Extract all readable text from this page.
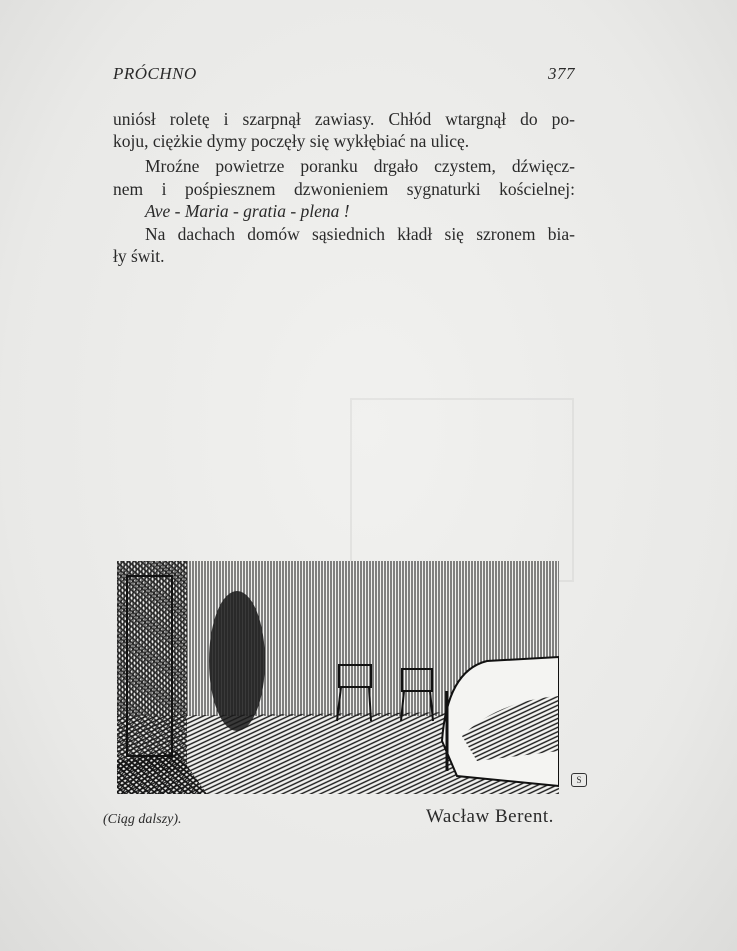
PRÓCHNO	377
uniósł roletę i szarpnął zawiasy. Chłód wtargnął do po-
koju, ciężkie dymy poczęły się wykłębiać na ulicę.
Mroźne powietrze poranku drgało czystem, dźwięcz-
nem i pośpiesznem dzwonieniem sygnaturki kościelnej:
Ave - Maria - gratia - plena !
Na dachach domów sąsiednich kładł się szronem bia-
ły świt.
S
(Ciąg dalszy).	Wacław Berent.
